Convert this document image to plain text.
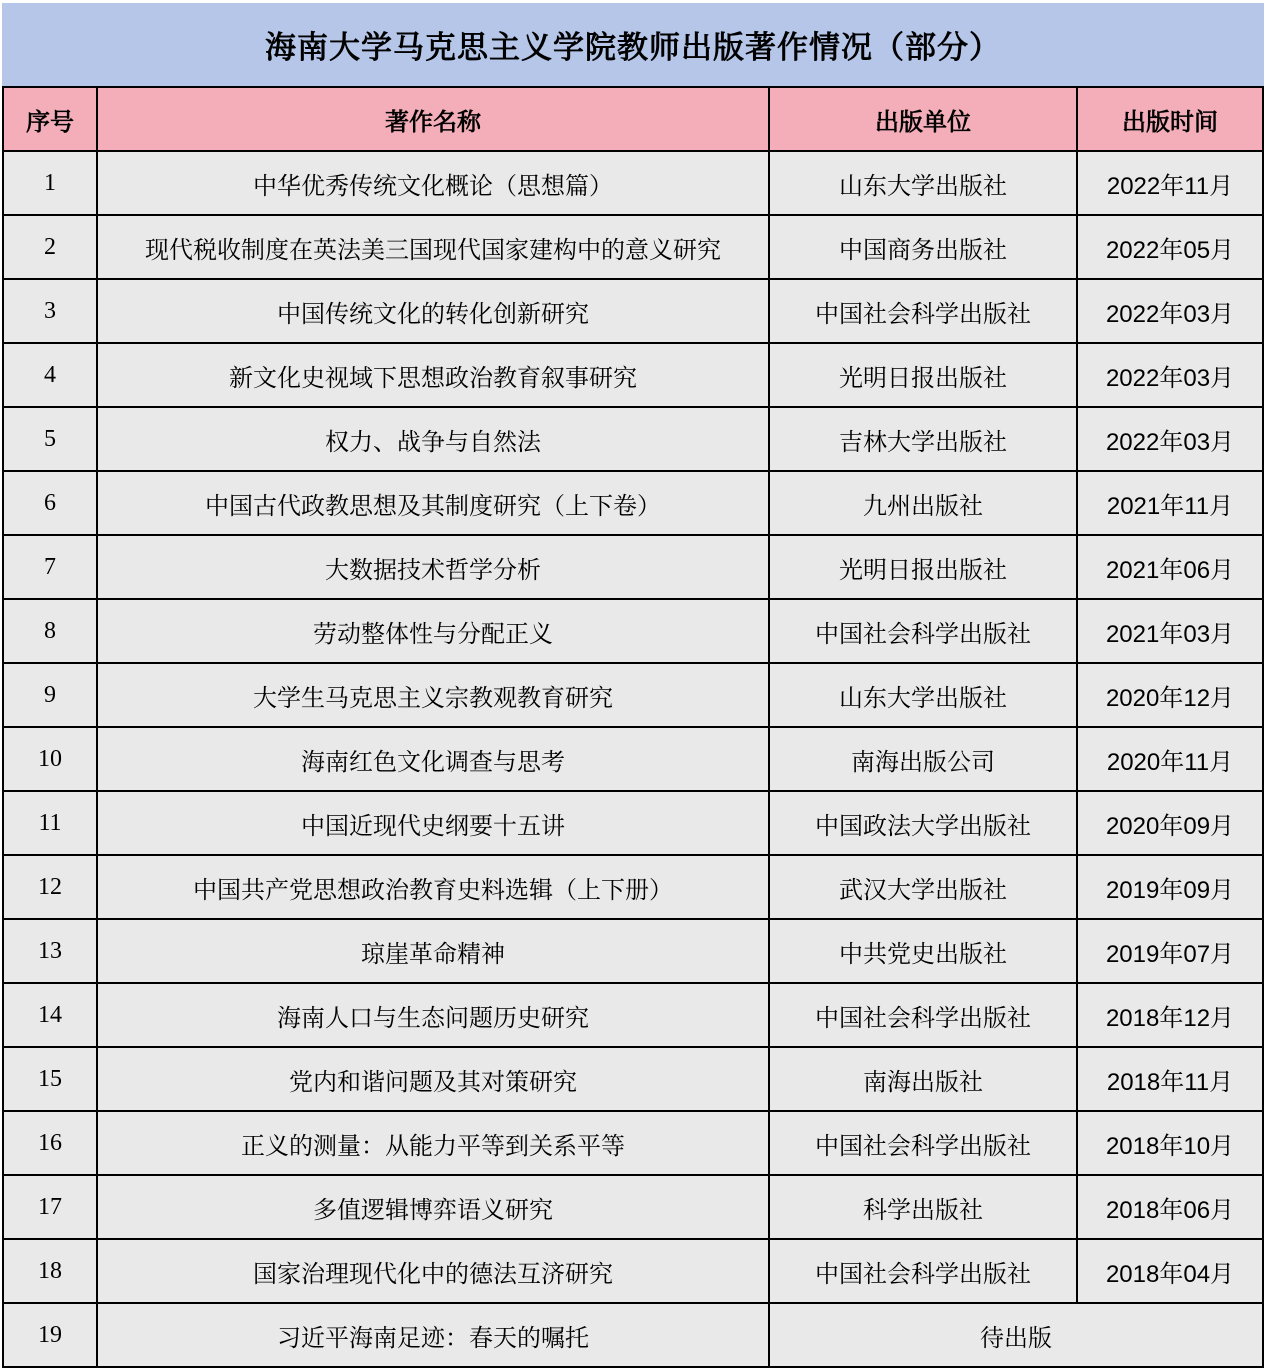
海南大学马克思主义学院教师出版著作情况（部分）
序号	著作名称	出版单位	出版时间
1	中华优秀传统文化概论（思想篇）	山东大学出版社	2022年11月
2	现代税收制度在英法美三国现代国家建构中的意义研究	中国商务出版社	2022年05月
3	中国传统文化的转化创新研究	中国社会科学出版社	2022年03月
4	新文化史视域下思想政治教育叙事研究	光明日报出版社	2022年03月
5	权力、战争与自然法	吉林大学出版社	2022年03月
6	中国古代政教思想及其制度研究（上下卷）	九州出版社	2021年11月
7	大数据技术哲学分析	光明日报出版社	2021年06月
8	劳动整体性与分配正义	中国社会科学出版社	2021年03月
9	大学生马克思主义宗教观教育研究	山东大学出版社	2020年12月
10	海南红色文化调查与思考	南海出版公司	2020年11月
11	中国近现代史纲要十五讲	中国政法大学出版社	2020年09月
12	中国共产党思想政治教育史料选辑（上下册）	武汉大学出版社	2019年09月
13	琼崖革命精神	中共党史出版社	2019年07月
14	海南人口与生态问题历史研究	中国社会科学出版社	2018年12月
15	党内和谐问题及其对策研究	南海出版社	2018年11月
16	正义的测量：从能力平等到关系平等	中国社会科学出版社	2018年10月
17	多值逻辑博弈语义研究	科学出版社	2018年06月
18	国家治理现代化中的德法互济研究	中国社会科学出版社	2018年04月
19	习近平海南足迹：春天的嘱托	待出版	
